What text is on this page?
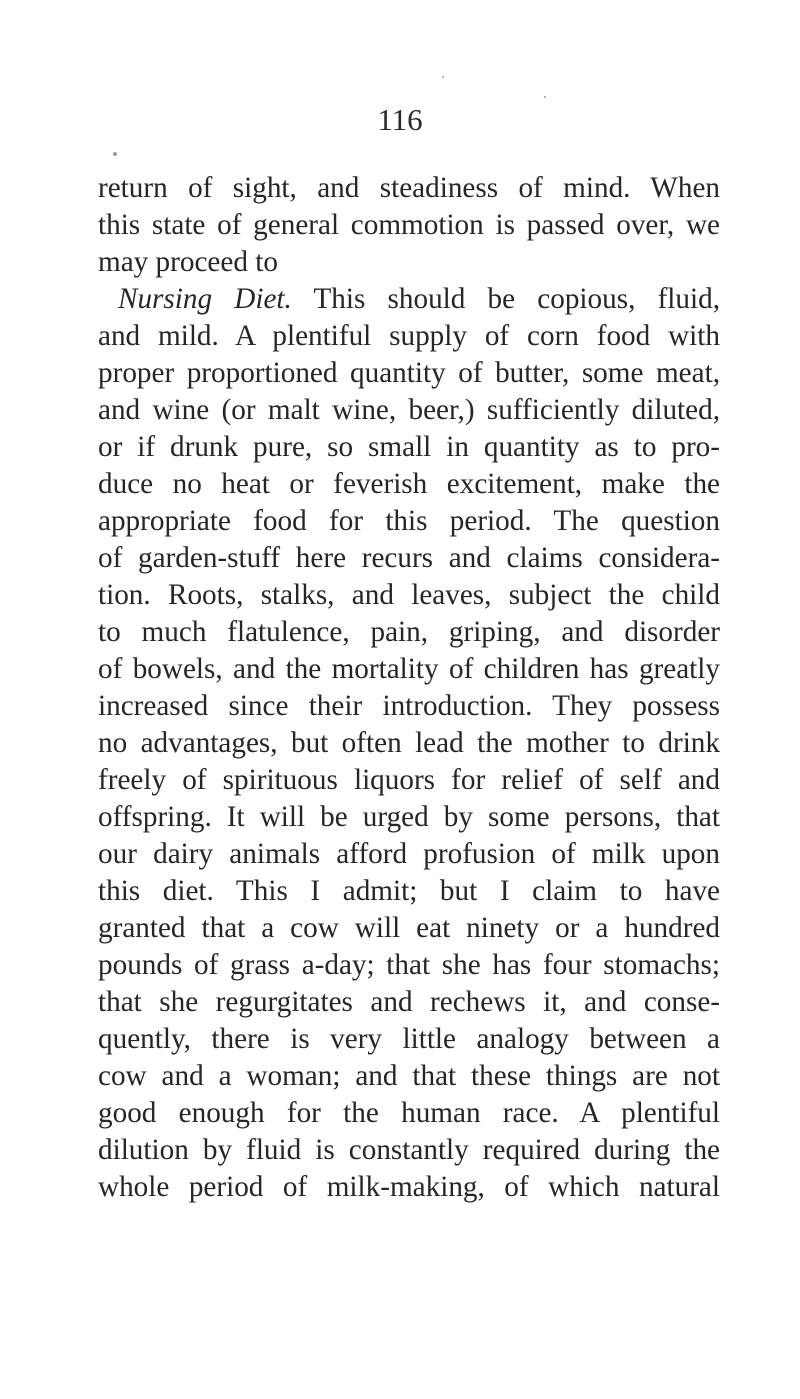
116
return of sight, and steadiness of mind. When
this state of general commotion is passed over, we
may proceed to
Nursing Diet. This should be copious, fluid,
and mild. A plentiful supply of corn food with
proper proportioned quantity of butter, some meat,
and wine (or malt wine, beer,) sufficiently diluted,
or if drunk pure, so small in quantity as to pro-
duce no heat or feverish excitement, make the
appropriate food for this period. The question
of garden-stuff here recurs and claims considera-
tion. Roots, stalks, and leaves, subject the child
to much flatulence, pain, griping, and disorder
of bowels, and the mortality of children has greatly
increased since their introduction. They possess
no advantages, but often lead the mother to drink
freely of spirituous liquors for relief of self and
offspring. It will be urged by some persons, that
our dairy animals afford profusion of milk upon
this diet. This I admit; but I claim to have
granted that a cow will eat ninety or a hundred
pounds of grass a-day; that she has four stomachs;
that she regurgitates and rechews it, and conse-
quently, there is very little analogy between a
cow and a woman; and that these things are not
good enough for the human race. A plentiful
dilution by fluid is constantly required during the
whole period of milk-making, of which natural
